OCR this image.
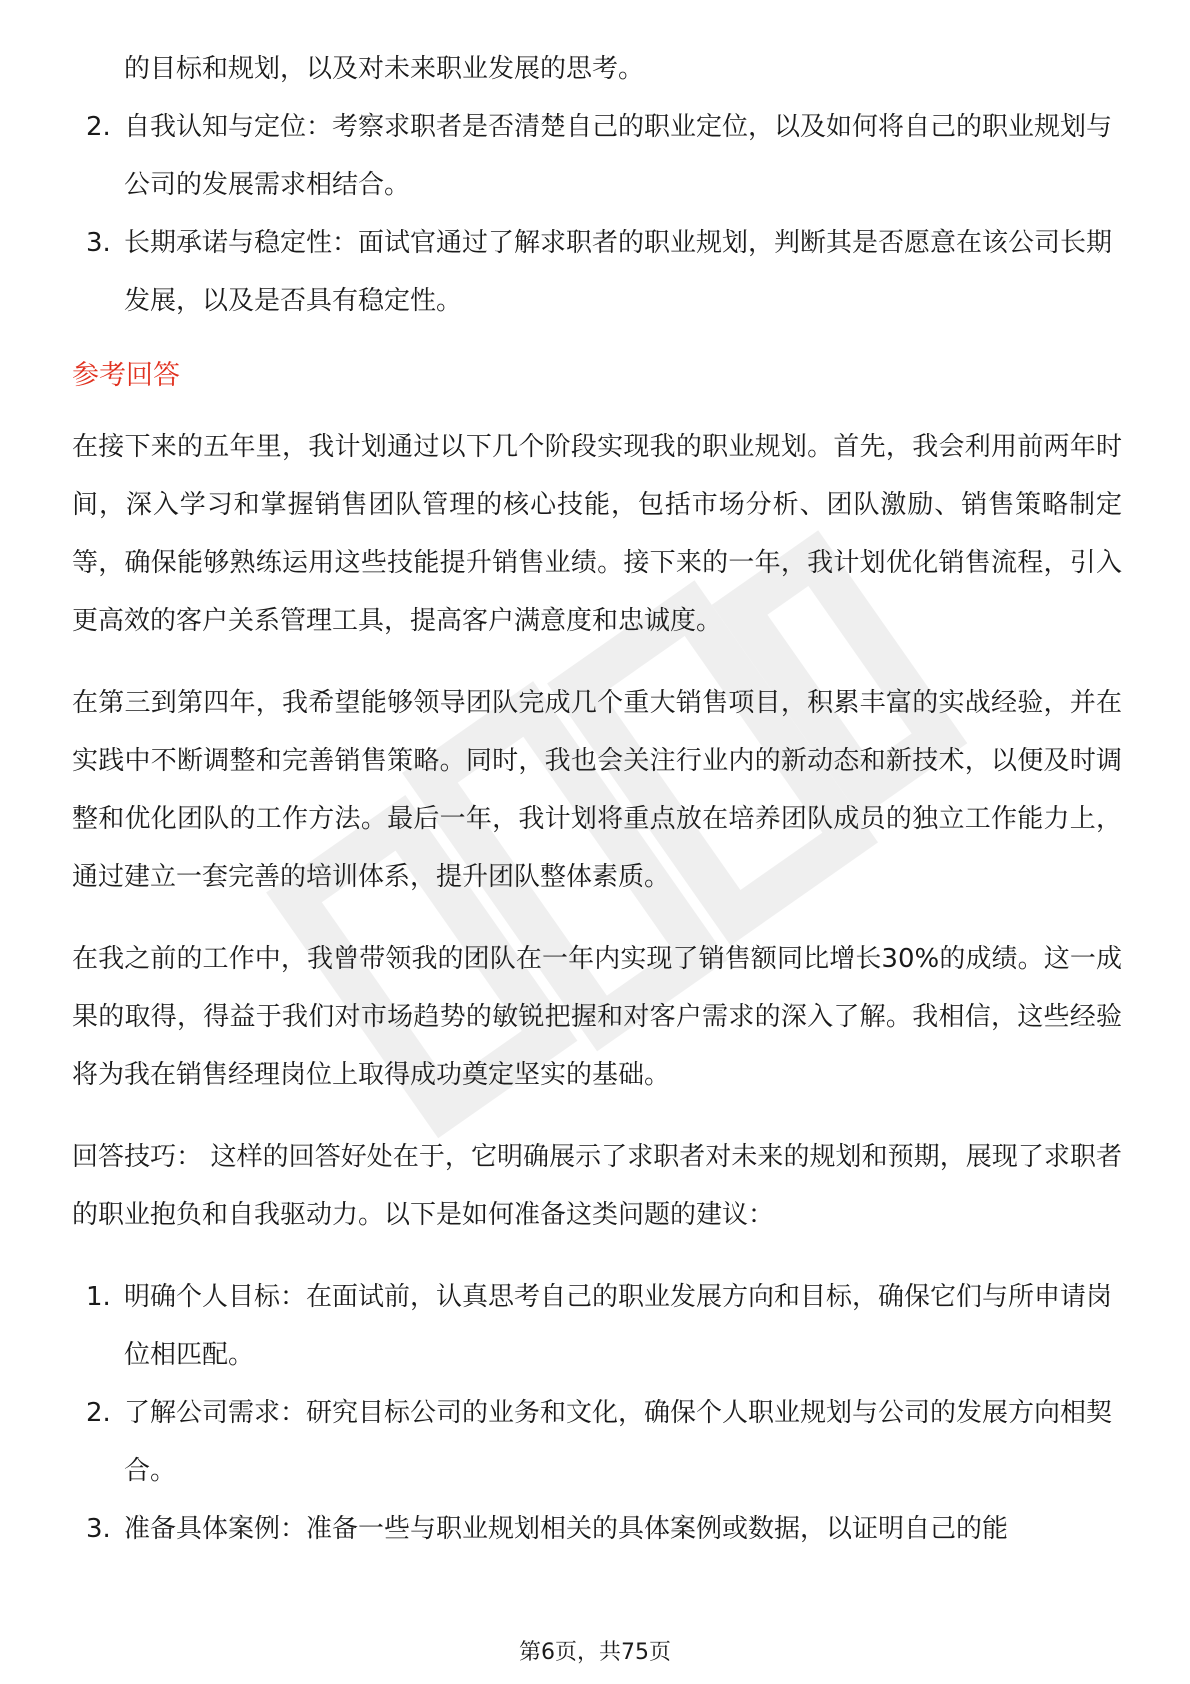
的目标和规划，以及对未来职业发展的思考。

2. 自我认知与定位：考察求职者是否清楚自己的职业定位，以及如何将自己的职业规划与公司的发展需求相结合。
3. 长期承诺与稳定性：面试官通过了解求职者的职业规划，判断其是否愿意在该公司长期发展，以及是否具有稳定性。
参考回答

在接下来的五年里，我计划通过以下几个阶段实现我的职业规划。首先，我会利用前两年时间，深入学习和掌握销售团队管理的核心技能，包括市场分析、团队激励、销售策略制定等，确保能够熟练运用这些技能提升销售业绩。接下来的一年，我计划优化销售流程，引入更高效的客户关系管理工具，提高客户满意度和忠诚度。

在第三到第四年，我希望能够领导团队完成几个重大销售项目，积累丰富的实战经验，并在实践中不断调整和完善销售策略。同时，我也会关注行业内的新动态和新技术，以便及时调整和优化团队的工作方法。最后一年，我计划将重点放在培养团队成员的独立工作能力上，通过建立一套完善的培训体系，提升团队整体素质。

在我之前的工作中，我曾带领我的团队在一年内实现了销售额同比增长30%的成绩。这一成果的取得，得益于我们对市场趋势的敏锐把握和对客户需求的深入了解。我相信，这些经验将为我在销售经理岗位上取得成功奠定坚实的基础。

回答技巧： 这样的回答好处在于，它明确展示了求职者对未来的规划和预期，展现了求职者的职业抱负和自我驱动力。以下是如何准备这类问题的建议：

1. 明确个人目标：在面试前，认真思考自己的职业发展方向和目标，确保它们与所申请岗位相匹配。
2. 了解公司需求：研究目标公司的业务和文化，确保个人职业规划与公司的发展方向相契合。
3. 准备具体案例：准备一些与职业规划相关的具体案例或数据，以证明自己的能
第6页，共75页
